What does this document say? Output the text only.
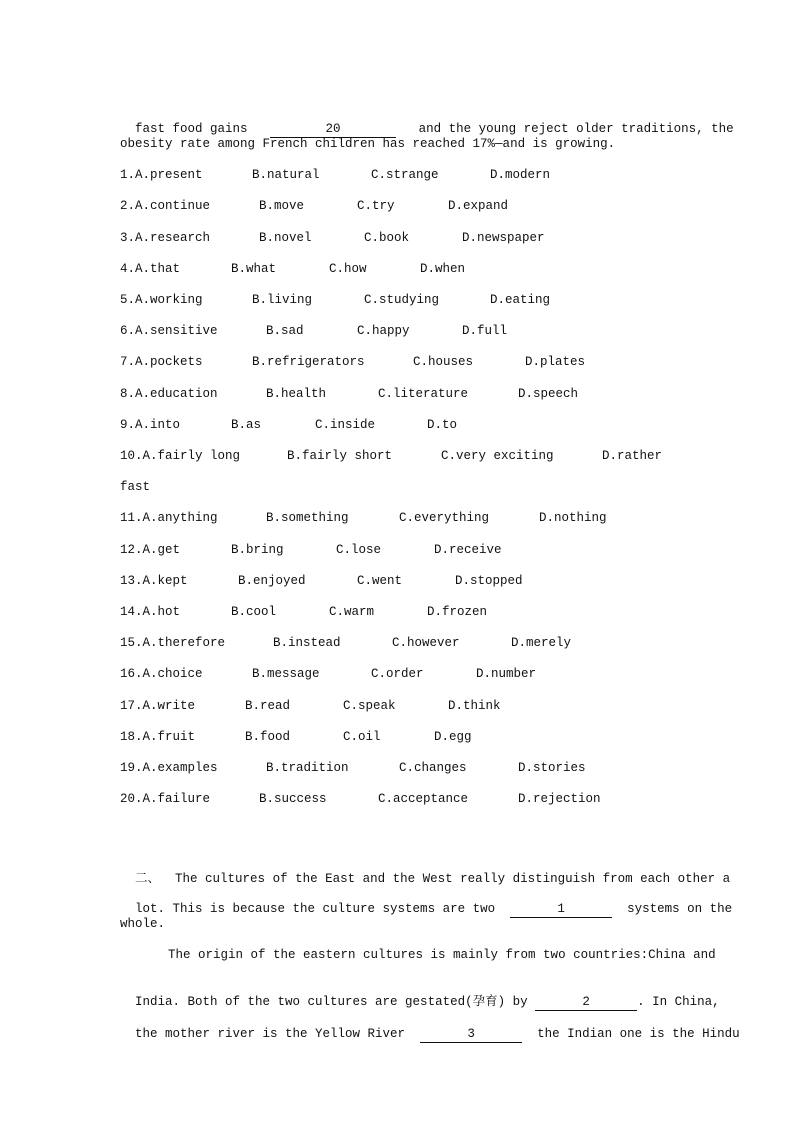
fast food gains	20	and the young reject older traditions, the

obesity rate among French children has reached 17%—and is growing.
1.A.present	B.natural	C.strange	D.modern
2.A.continue	B.move	C.try	D.expand
3.A.research	B.novel	C.book	D.newspaper
4.A.that	B.what	C.how	D.when
5.A.working	B.living	C.studying	D.eating
6.A.sensitive	B.sad	C.happy	D.full
7.A.pockets	B.refrigerators	C.houses	D.plates
8.A.education	B.health	C.literature	D.speech
9.A.into	B.as	C.inside	D.to
10.A.fairly long	B.fairly short	C.very exciting	D.rather
fast
11.A.anything	B.something	C.everything	D.nothing
12.A.get	B.bring	C.lose	D.receive
13.A.kept	B.enjoyed	C.went	D.stopped
14.A.hot	B.cool	C.warm	D.frozen
15.A.therefore	B.instead	C.however	D.merely
16.A.choice	B.message	C.order	D.number
17.A.write	B.read	C.speak	D.think
18.A.fruit	B.food	C.oil	D.egg
19.A.examples	B.tradition	C.changes	D.stories
20.A.failure	B.success	C.acceptance	D.rejection

二、 The cultures of the East and the West really distinguish from each other a

lot. This is because the culture systems are two	1	systems on the

whole.
The origin of the eastern cultures is mainly from two countries:China and

India. Both of the two cultures are gestated(孕育) by	2	. In China,

the mother river is the Yellow River	3	the Indian one is the Hindu
